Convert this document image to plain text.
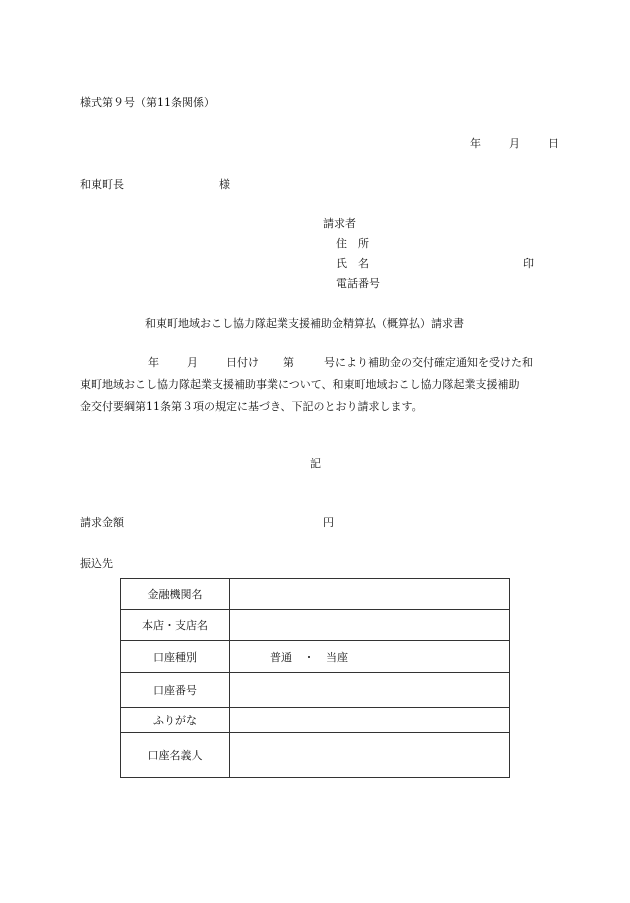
様式第９号（第11条関係）
年	月	日
和東町長	様
請求者
住　所
氏　名	印
電話番号
和東町地域おこし協力隊起業支援補助金精算払（概算払）請求書
年	月	日付け 第	号により補助金の交付確定通知を受けた和
東町地域おこし協力隊起業支援補助事業について、和東町地域おこし協力隊起業支援補助
金交付要綱第11条第３項の規定に基づき、下記のとおり請求します。
記
請求金額	円
振込先
金融機関名	
本店・支店名	
口座種別	普通 ・ 当座
口座番号	
ふりがな	
口座名義人	
